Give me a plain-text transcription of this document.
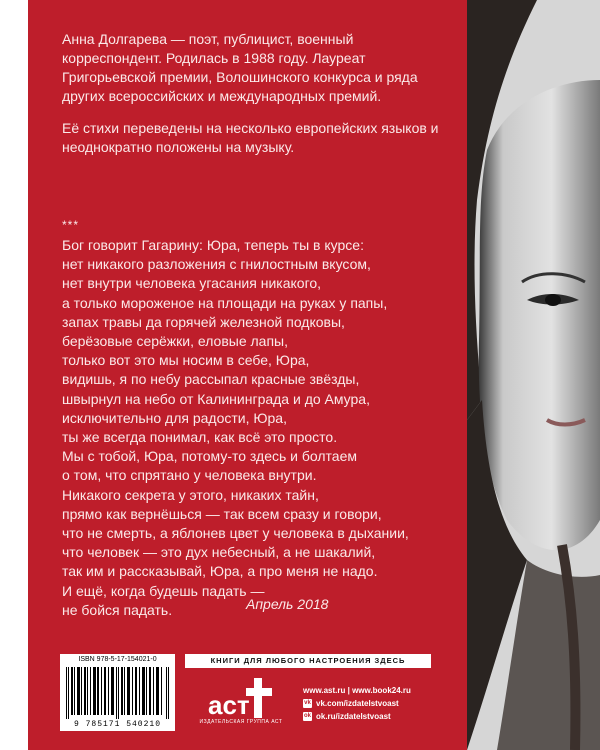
Анна Долгарева — поэт, публицист, военный корреспондент. Родилась в 1988 году. Лауреат Григорьевской премии, Волошинского конкурса и ряда других всероссийских и международных премий.

Её стихи переведены на несколько европейских языков и неоднократно положены на музыку.

***
Бог говорит Гагарину: Юра, теперь ты в курсе:
нет никакого разложения с гнилостным вкусом,
нет внутри человека угасания никакого,
а только мороженое на площади на руках у папы,
запах травы да горячей железной подковы,
берёзовые серёжки, еловые лапы,
только вот это мы носим в себе, Юра,
видишь, я по небу рассыпал красные звёзды,
швырнул на небо от Калининграда и до Амура,
исключительно для радости, Юра,
ты же всегда понимал, как всё это просто.
Мы с тобой, Юра, потому-то здесь и болтаем
о том, что спрятано у человека внутри.
Никакого секрета у этого, никаких тайн,
прямо как вернёшься — так всем сразу и говори,
что не смерть, а яблонев цвет у человека в дыхании,
что человек — это дух небесный, а не шакалий,
так им и рассказывай, Юра, а про меня не надо.
И ещё, когда будешь падать —
не бойся падать.	Апрель 2018
ISBN 978-5-17-154021-0
9 785171 540210
КНИГИ ДЛЯ ЛЮБОГО НАСТРОЕНИЯ ЗДЕСЬ
аст
ИЗДАТЕЛЬСКАЯ ГРУППА АСТ
www.ast.ru | www.book24.ru
vk vk.com/izdatelstvoast
ok ok.ru/izdatelstvoast
